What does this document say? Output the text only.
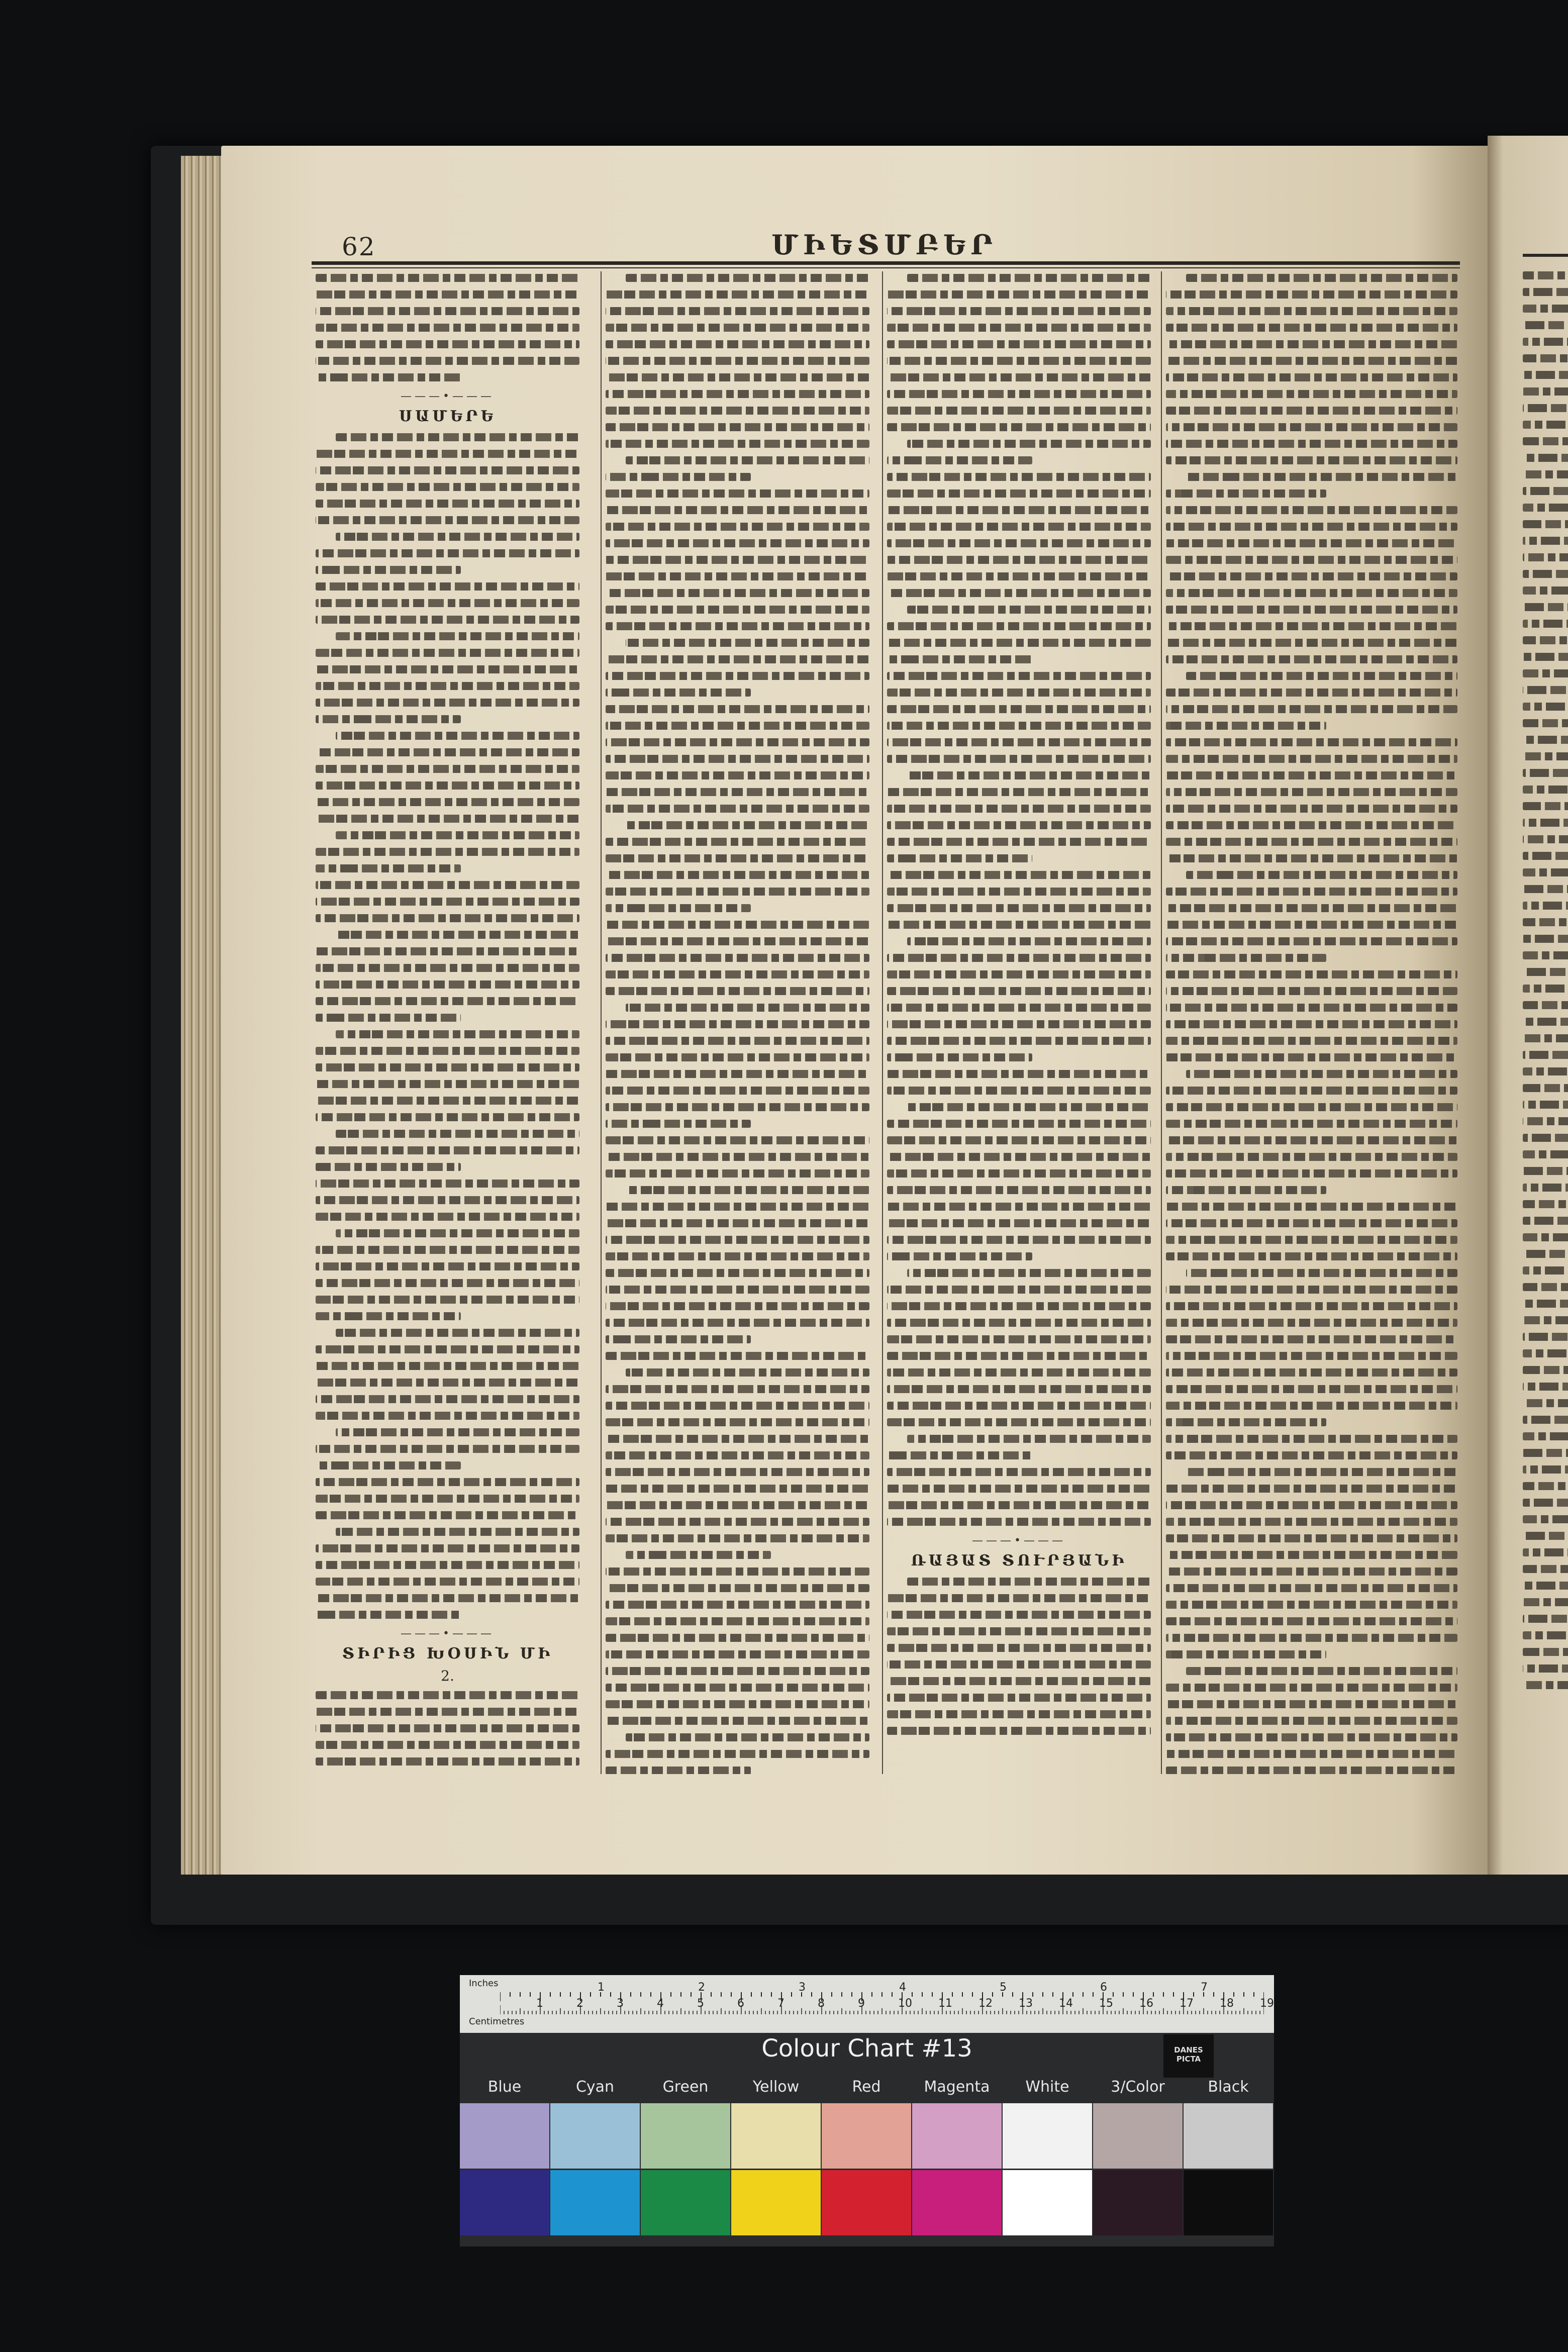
62	ՄԻԵՏՄԲԵՐ
———•———
ՍԱՄԵՐԵ
———•———
ՏԻՐԻՑ ԽՕՍԻՆ ՄԻ
2.
———•———
ՌԱՅԱՏ ՏՈՒՐՅԱՆԻ
Inches
Centimetres
1	2	3	4	5	6	7
1	2	3	4	5	6	7	8	9	10 11 12 13 14 15 16 17 18 19
Colour Chart #13	DANES PICTA
Blue	Cyan	Green	Yellow	Red	Magenta	White	3/Color	Black
